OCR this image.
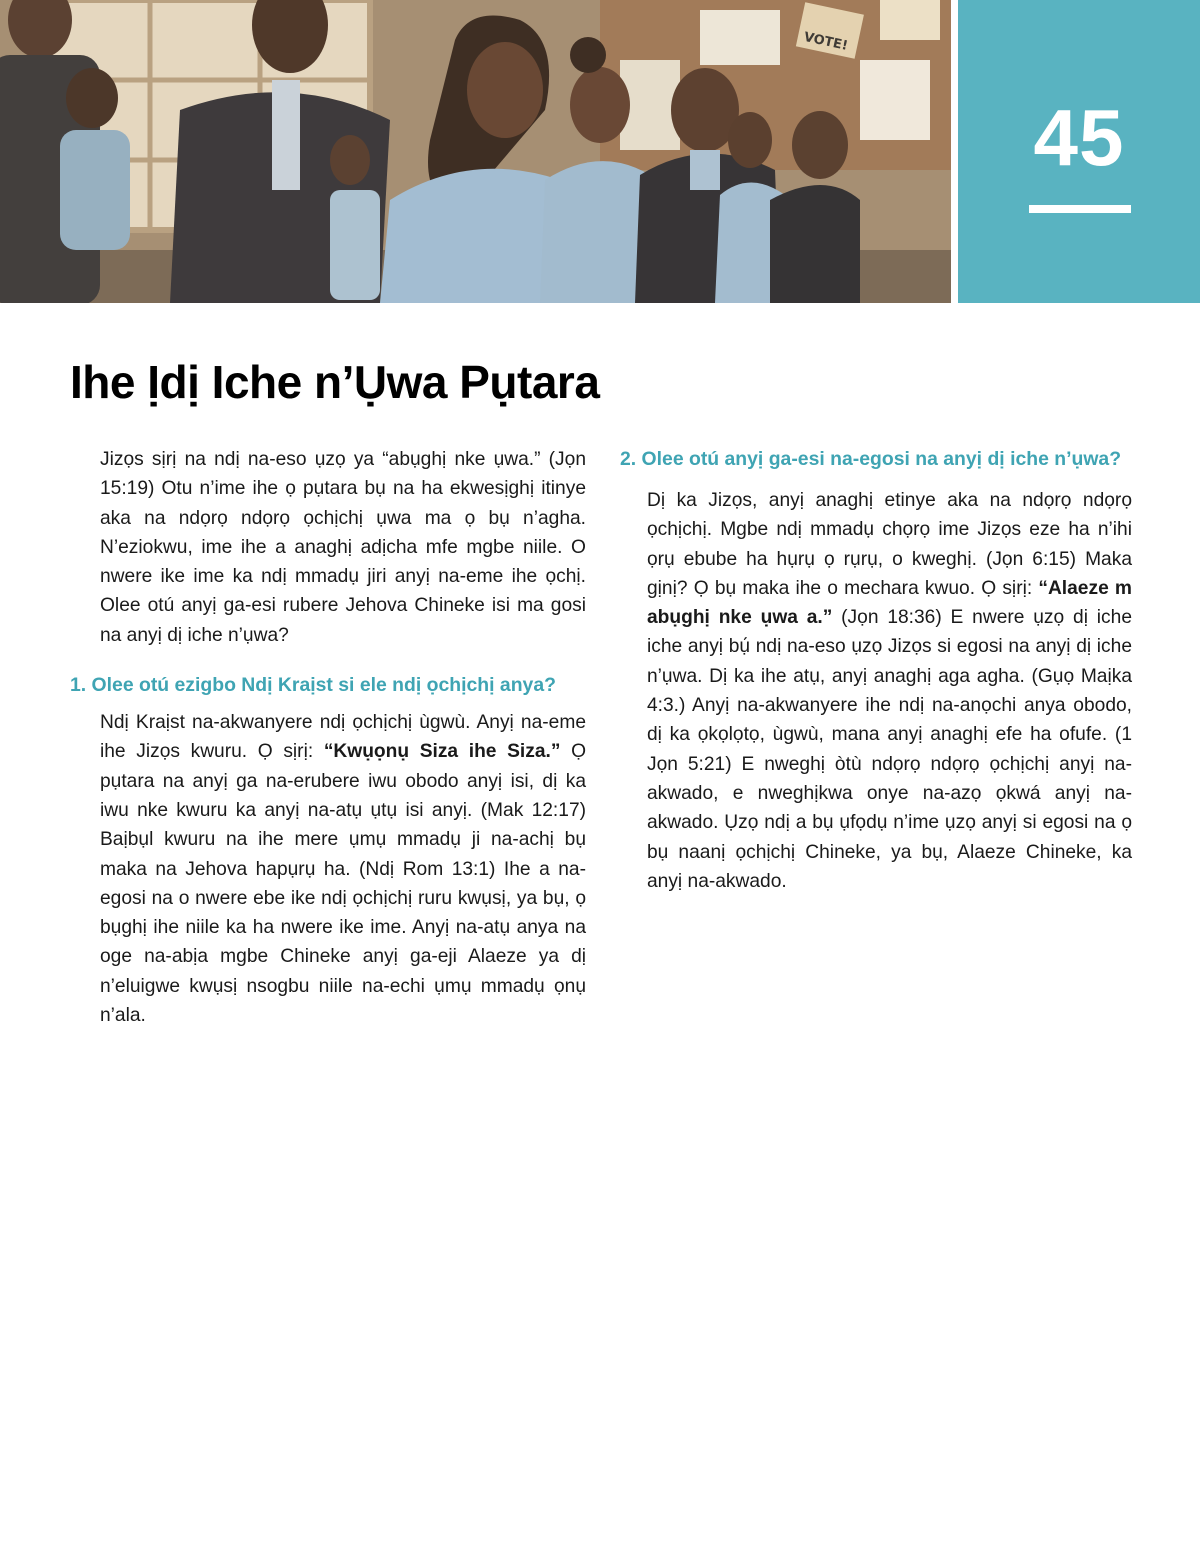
VOTE!
45
Ihe Ịdị Iche n’Ụwa Pụtara

Jizọs sịrị na ndị na-eso ụzọ ya “abụghị nke ụwa.” (Jọn 15:19) Otu n’ime ihe ọ pụtara bụ na ha ekwesịghị itinye aka na ndọrọ ndọrọ ọchịchị ụwa ma ọ bụ n’agha. N’eziokwu, ime ihe a anaghị adịcha mfe mgbe niile. O nwere ike ime ka ndị mmadụ jiri anyị na-eme ihe ọchị. Olee otú anyị ga-esi rubere Jehova Chineke isi ma gosi na anyị dị iche n’ụwa?

1. Olee otú ezigbo Ndị Kraịst si ele ndị ọchịchị anya?

Ndị Kraịst na-akwanyere ndị ọchịchị ùgwù. Anyị na-eme ihe Jizọs kwuru. Ọ sịrị: “Kwụọnụ Siza ihe Siza.” Ọ pụtara na anyị ga na-erubere iwu obodo anyị isi, dị ka iwu nke kwuru ka anyị na-atụ ụtụ isi anyị. (Mak 12:17) Baịbụl kwuru na ihe mere ụmụ mmadụ ji na-achị bụ maka na Jehova hapụrụ ha. (Ndị Rom 13:1) Ihe a na-egosi na o nwere ebe ike ndị ọchịchị ruru kwụsị, ya bụ, ọ bụghị ihe niile ka ha nwere ike ime. Anyị na-atụ anya na oge na-abịa mgbe Chineke anyị ga-eji Alaeze ya dị n’eluigwe kwụsị nsogbu niile na-echi ụmụ mmadụ ọnụ n’ala.

2. Olee otú anyị ga-esi na-egosi na anyị dị iche n’ụwa?

Dị ka Jizọs, anyị anaghị etinye aka na ndọrọ ndọrọ ọchịchị. Mgbe ndị mmadụ chọrọ ime Jizọs eze ha n’ihi ọrụ ebube ha hụrụ ọ rụrụ, o kweghị. (Jọn 6:15) Maka gịnị? Ọ bụ maka ihe o mechara kwuo. Ọ sịrị: “Alaeze m abụghị nke ụwa a.” (Jọn 18:36) E nwere ụzọ dị iche iche anyị bụ́ ndị na-eso ụzọ Jizọs si egosi na anyị dị iche n’ụwa. Dị ka ihe atụ, anyị anaghị aga agha. (Gụọ Maịka 4:3.) Anyị na-akwanyere ihe ndị na-anọchi anya obodo, dị ka ọkọlọtọ, ùgwù, mana anyị anaghị efe ha ofufe. (1 Jọn 5:21) E nweghị òtù ndọrọ ndọrọ ọchịchị anyị na-akwado, e nweghịkwa onye na-azọ ọkwá anyị na-akwado. Ụzọ ndị a bụ ụfọdụ n’ime ụzọ anyị si egosi na ọ bụ naanị ọchịchị Chineke, ya bụ, Alaeze Chineke, ka anyị na-akwado.
